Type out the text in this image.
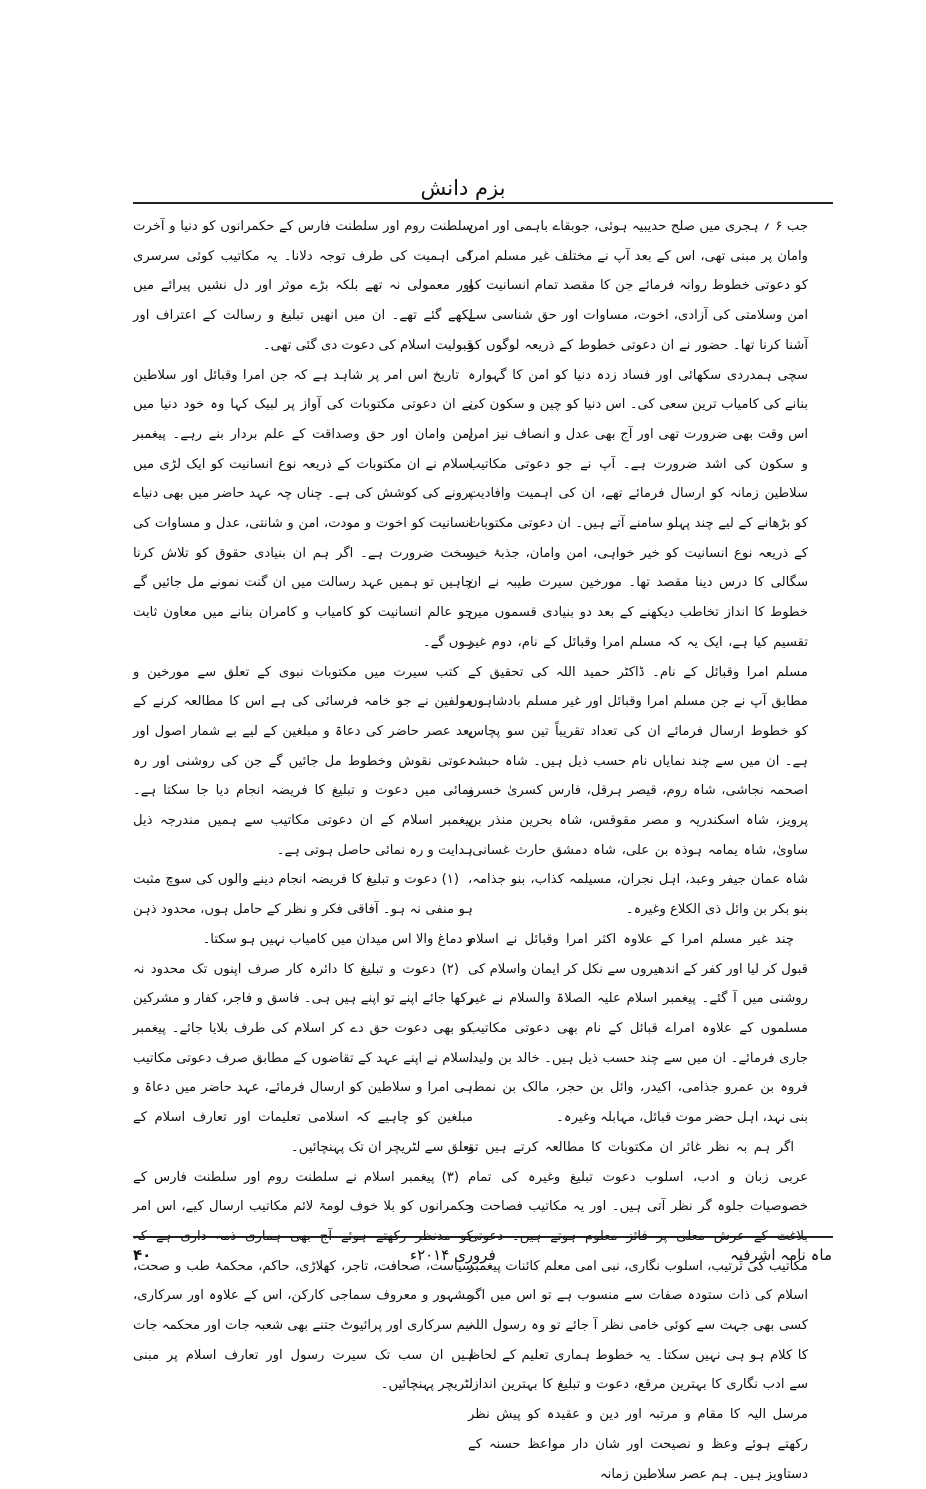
بزم دانش

جب ۶ ؍ ہجری میں صلح حدیبیہ ہوئی، جوبقاے باہمی اور امن وامان پر مبنی تھی، اس کے بعد آپ نے مختلف غیر مسلم امرا کو دعوتی خطوط روانہ فرمائے جن کا مقصد تمام انسانیت کو امن وسلامتی کی آزادی، اخوت، مساوات اور حق شناسی سے آشنا کرنا تھا۔ حضور نے ان دعوتی خطوط کے ذریعہ لوگوں کو سچی ہمدردی سکھائی اور فساد زدہ دنیا کو امن کا گہوارہ بنانے کی کامیاب ترین سعی کی۔ اس دنیا کو چین و سکون کی اس وقت بھی ضرورت تھی اور آج بھی عدل و انصاف نیز امن و سکون کی اشد ضرورت ہے۔ آپ نے جو دعوتی مکاتیب سلاطین زمانہ کو ارسال فرمائے تھے، ان کی اہمیت وافادیت کو بڑھانے کے لیے چند پہلو سامنے آتے ہیں۔ ان دعوتی مکتوبات کے ذریعہ نوع انسانیت کو خیر خواہی، امن وامان، جذبۂ خیر سگالی کا درس دینا مقصد تھا۔ مورخین سیرت طیبہ نے ان خطوط کا انداز تخاطب دیکھنے کے بعد دو بنیادی قسموں میں تقسیم کیا ہے، ایک یہ کہ مسلم امرا وقبائل کے نام، دوم غیر مسلم امرا وقبائل کے نام۔ ڈاکٹر حمید اللہ کی تحقیق کے مطابق آپ نے جن مسلم امرا وقبائل اور غیر مسلم بادشاہوں کو خطوط ارسال فرمائے ان کی تعداد تقریباً تین سو پچاس ہے۔ ان میں سے چند نمایاں نام حسب ذیل ہیں۔ شاہ حبشہ اصحمہ نجاشی، شاہ روم، قیصر ہرقل، فارس کسریٰ خسرو پرویز، شاہ اسکندریہ و مصر مقوقس، شاہ بحرین منذر بن ساویٰ، شاہ یمامہ ہوذہ بن علی، شاہ دمشق حارث غسانی، شاہ عمان جیفر وعبد، اہل نجران، مسیلمہ کذاب، بنو جذامہ، بنو بکر بن وائل ذی الکلاع وغیرہ۔

چند غیر مسلم امرا کے علاوہ اکثر امرا وقبائل نے اسلام قبول کر لیا اور کفر کے اندھیروں سے نکل کر ایمان واسلام کی روشنی میں آ گئے۔ پیغمبر اسلام علیہ الصلاۃ والسلام نے غیر مسلموں کے علاوہ امراے قبائل کے نام بھی دعوتی مکاتیب جاری فرمائے۔ ان میں سے چند حسب ذیل ہیں۔ خالد بن ولید، فروہ بن عمرو جذامی، اکیدر، وائل بن حجر، مالک بن نمط، بنی نہد، اہل حضر موت قبائل، مہابلہ وغیرہ۔

اگر ہم بہ نظر غائر ان مکتوبات کا مطالعہ کرتے ہیں تو عربی زبان و ادب، اسلوب دعوت تبلیغ وغیرہ کی تمام خصوصیات جلوہ گر نظر آتی ہیں۔ اور یہ مکاتیب فصاحت و بلاغت کے عرش معلی پر فائز معلوم ہوتے ہیں۔ دعوتی مکاتیب کی ترتیب، اسلوب نگاری، نبی امی معلم کائنات پیغمبر اسلام کی ذات ستودہ صفات سے منسوب ہے تو اس میں اگر کسی بھی جہت سے کوئی خامی نظر آ جائے تو وہ رسول اللہ کا کلام ہو ہی نہیں سکتا۔ یہ خطوط ہماری تعلیم کے لحاظ سے ادب نگاری کا بہترین مرقع، دعوت و تبلیغ کا بہترین انداز، مرسل الیہ کا مقام و مرتبہ اور دین و عقیدہ کو پیش نظر رکھتے ہوئے وعظ و نصیحت اور شان دار مواعظ حسنہ کے دستاویز ہیں۔ ہم عصر سلاطین زمانہ

سلطنت روم اور سلطنت فارس کے حکمرانوں کو دنیا و آخرت کی اہمیت کی طرف توجہ دلانا۔ یہ مکاتیب کوئی سرسری اور معمولی نہ تھے بلکہ بڑے موثر اور دل نشیں پیرائے میں لکھے گئے تھے۔ ان میں انھیں تبلیغ و رسالت کے اعتراف اور قبولیت اسلام کی دعوت دی گئی تھی۔

تاریخ اس امر پر شاہد ہے کہ جن امرا وقبائل اور سلاطین نے ان دعوتی مکتوبات کی آواز پر لبیک کہا وہ خود دنیا میں امن وامان اور حق وصداقت کے علم بردار بنے رہے۔ پیغمبر اسلام نے ان مکتوبات کے ذریعہ نوع انسانیت کو ایک لڑی میں پرونے کی کوشش کی ہے۔ چناں چہ عہد حاضر میں بھی دنیاے انسانیت کو اخوت و مودت، امن و شانتی، عدل و مساوات کی سخت ضرورت ہے۔ اگر ہم ان بنیادی حقوق کو تلاش کرنا چاہیں تو ہمیں عہد رسالت میں ان گنت نمونے مل جائیں گے جو عالم انسانیت کو کامیاب و کامران بنانے میں معاون ثابت ہوں گے۔

کتب سیرت میں مکتوبات نبوی کے تعلق سے مورخین و مولفین نے جو خامہ فرسائی کی ہے اس کا مطالعہ کرنے کے بعد عصر حاضر کی دعاۃ و مبلغین کے لیے بے شمار اصول اور دعوتی نقوش وخطوط مل جائیں گے جن کی روشنی اور رہ نمائی میں دعوت و تبلیغ کا فریضہ انجام دیا جا سکتا ہے۔ پیغمبر اسلام کے ان دعوتی مکاتیب سے ہمیں مندرجہ ذیل ہدایت و رہ نمائی حاصل ہوتی ہے۔

(۱) دعوت و تبلیغ کا فریضہ انجام دینے والوں کی سوچ مثبت ہو منفی نہ ہو۔ آفاقی فکر و نظر کے حامل ہوں، محدود ذہن و دماغ والا اس میدان میں کامیاب نہیں ہو سکتا۔

(۲) دعوت و تبلیغ کا دائرہ کار صرف اپنوں تک محدود نہ رکھا جائے اپنے تو اپنے ہیں ہی۔ فاسق و فاجر، کفار و مشرکین کو بھی دعوت حق دے کر اسلام کی طرف بلایا جائے۔ پیغمبر اسلام نے اپنے عہد کے تقاضوں کے مطابق صرف دعوتی مکاتیب ہی امرا و سلاطین کو ارسال فرمائے، عہد حاضر میں دعاۃ و مبلغین کو چاہیے کہ اسلامی تعلیمات اور تعارف اسلام کے تعلق سے لٹریچر ان تک پہنچائیں۔

(۳) پیغمبر اسلام نے سلطنت روم اور سلطنت فارس کے حکمرانوں کو بلا خوف لومۃ لائم مکاتیب ارسال کیے، اس امر کو مدنظر رکھتے ہوئے آج بھی ہماری ذمہ داری ہے کہ سیاست، صحافت، تاجر، کھلاڑی، حاکم، محکمۂ طب و صحت، مشہور و معروف سماجی کارکن، اس کے علاوہ اور سرکاری، نیم سرکاری اور پرائیوٹ جتنے بھی شعبہ جات اور محکمہ جات ہیں ان سب تک سیرت رسول اور تعارف اسلام پر مبنی لٹریچر پہنچائیں۔

ماہ نامہ اشرفیہ
فروری ۲۰۱۴ء
۴۰
